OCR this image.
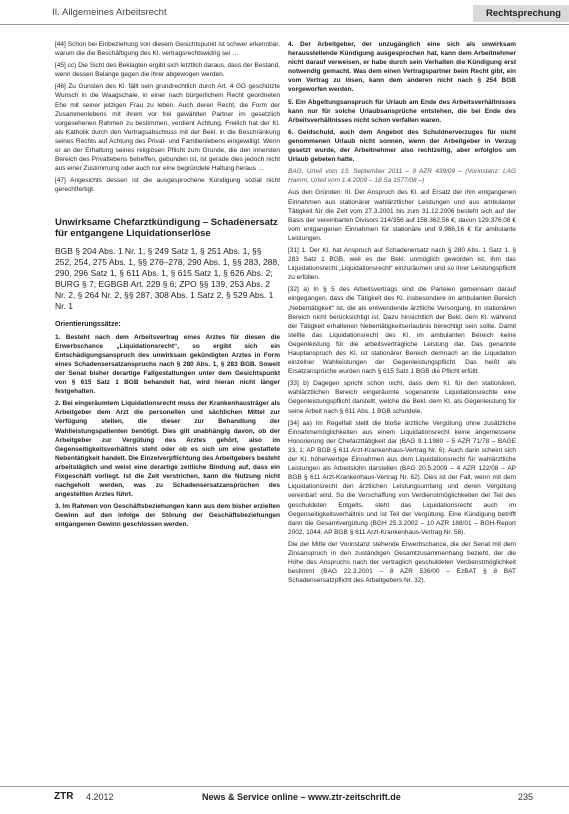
II. Allgemeines Arbeitsrecht	Rechtsprechung

[44] Schon bei Einbeziehung von diesem Gesichtspunkt ist schwer erkennbar, warum die die Beschäftigung des Kl. vertragsrechtswidrig sei …

[45] cc) Die Sicht des Beklagten ergibt sich letztlich daraus, dass der Bestand, wenn dessen Belange gegen die ihrer abgewogen werden.

[46] Zu Gunsten des Kl. fällt sein grundrechtlich durch Art. 4 GG geschützte Wunsch in die Waagschale, in einer nach bürgerlichem Recht geordneten Ehe mit seiner jetzigen Frau zu leben. Auch deren Recht, die Form der Zusammenlebens mit ihrem vor frei gewählten Partner im gesetzlich vorgesehenen Rahmen zu bestimmen, verdient Achtung. Freilich hat der Kl. als Katholik durch den Vertragsabschluss mit der Bekl. in die Beschränkung seines Rechts auf Achtung des Privat- und Familienlebens eingewilligt. Wenn er an der Erhaltung seines religiösen Pflicht zum Grunde, die den innersten Bereich des Privatlebens betreffen, gebunden ist, ist gerade dies jedoch nicht aus einer Zustimmung oder auch nur eine begründete Haltung heraus …

[47] Angesichts dessen ist die ausgesprochene Kündigung sozial nicht gerechtfertigt.

Unwirksame Chefarztkündigung – Schadenersatz für entgangene Liquidationserlöse
BGB § 204 Abs. 1 Nr. 1, § 249 Satz 1, § 251 Abs. 1, §§ 252, 254, 275 Abs. 1, §§ 276–278, 290 Abs. 1, §§ 283, 288, 290, 296 Satz 1, § 611 Abs. 1, § 615 Satz 1, § 626 Abs. 2; BURG § 7; EGBGB Art. 229 § 6; ZPO §§ 139, 253 Abs. 2 Nr. 2, § 264 Nr. 2, §§ 287, 308 Abs. 1 Satz 2, § 529 Abs. 1 Nr. 1
Orientierungssätze:

1. Besteht nach dem Arbeitsvertrag eines Arztes für diesen die Erwerbschance „Liquidationsrecht“, so ergibt sich ein Entschädigungsanspruch des unwirksam gekündigten Arztes in Form eines Schadensersatzanspruchs nach § 280 Abs. 1, § 283 BGB. Soweit der Senat bisher derartige Fallgestaltungen unter dem Gesichtspunkt von § 615 Satz 1 BGB behandelt hat, wird hieran nicht länger festgehalten.

2. Bei eingeräumtem Liquidationsrecht muss der Krankenhausträger als Arbeitgeber dem Arzt die personellen und sächlichen Mittel zur Verfügung stellen, die dieser zur Behandlung der Wahlleistungspatienten benötigt. Dies gilt unabhängig davon, ob der Arbeitgeber zur Vergütung des Arztes gehört, also im Gegenseitigkeitsverhältnis steht oder ob es sich um eine gestattete Nebentätigkeit handelt. Die Einzelverpflichtung des Arbeitgebers besteht arbeitstäglich und weist eine derartige zeitliche Bindung auf, dass ein Fixgeschäft vorliegt. Ist die Zeit verstrichen, kann die Nutzung nicht nachgeholt werden, was zu Schadensersatzansprüchen des angestellten Arztes führt.

3. Im Rahmen von Geschäftsbeziehungen kann aus dem bisher erzielten Gewinn auf den infolge der Störung der Geschäftsbeziehungen entgangenen Gewinn geschlossen werden.

4. Der Arbeitgeber, der unzugänglich eine sich als unwirksam herausstellende Kündigung ausgesprochen hat, kann dem Arbeitnehmer nicht darauf verweisen, er habe durch sein Verhalten die Kündigung erst notwendig gemacht. Was dem einen Vertragspartner beim Recht gibt, ein vom Vertrag zu lösen, kann dem anderen nicht nach § 254 BGB vorgeworfen werden.

5. Ein Abgeltungsanspruch für Urlaub am Ende des Arbeitsverhältnisses kann nur für solche Urlaubsansprüche entstehen, die bei Ende des Arbeitsverhältnisses nicht schon verfallen waren.

6. Geldschuld, auch dem Angebot des Schuldnerverzuges für nicht genommenen Urlaub nicht sonnen, wenn der Arbeitgeber in Verzug gesetzt wurde, der Arbeitnehmer also rechtzeitig, aber erfolglos um Urlaub gebeten hatte.

BAG, Urteil vom 13. September 2011 – 9 AZR 439/09 – (Vorinstanz: LAG Hamm, Urteil vom 1.4.2009 – 18 Sa 1577/08 –)

Aus den Gründen: III. Der Anspruch des Kl. auf Ersatz der ihm entgangenen Einnahmen aus stationärer wahlärztlicher Leistungen und aus ambulanter Tätigkeit für die Zeit vom 27.3.2001 bis zum 31.12.2006 besteht sich auf der Basis der vereinbarten Divisors 214/356 auf 158.362,56 €, davon 129.376,08 € vom entgangenen Einnahmen für stationäre und 9.986,16 € für ambulante Leistungen.

[31] 1. Der Kl. hat Anspruch auf Schadenersatz nach § 280 Abs. 1 Satz 1, § 283 Satz 1 BGB, weil es der Bekl. unmöglich geworden ist, ihm das Liquidationsrecht „Liquidationsrecht“ einzuräumen und so ihrer Leistungspflicht zu erfüllen.

[32] a) In § 5 des Arbeitsvertrags sind die Parteien gemeinsam darauf eingegangen, dass die Tätigkeit des Kl. insbesondere im ambulanten Bereich „Nebentätigkeit“ ist, die als entwendende ärztliche Versorgung, im stationären Bereich nicht berücksichtigt ist. Dazu hinsichtlich der Bekl. dem Kl. während der Tätigkeit erhaltenen Nebentätigkeitserlaubnis berechtigt sein sollte. Damit stellte das Liquidationsrecht des Kl. im ambulanten Bereich keine Gegenleistung für die arbeitsvertragliche Leistung dar. Das genannte Hauptanspruch des Kl. ist stationärer Bereich demnach an die Liquidation einzelner Wahlleistungen der Gegenleistungspflicht. Das heißt als Ersatzansprüche wurden nach § 615 Satz 1 BGB die Pflicht erfüllt.

[33] b) Dagegen spricht schon nicht, dass dem Kl. für den stationären, wahlärztlichen Bereich eingeräumte sogenannte Liquidationsrechte eine Gegenleistungspflicht darstellt, welche die Bekl. dem Kl. als Gegenleistung für seine Arbeit nach § 611 Abs. 1 BGB schuldete.

[34] aa) Im Regelfall stellt die bloße ärztliche Vergütung ohne zusätzliche Einnahmemöglichkeiten aus einem Liquidationsrecht keine angemessene Honorierung der Chefarzttätigkeit dar (BAG 9.1.1980 – 5 AZR 71/78 – BAGE 33, 1; AP BGB § 611 Arzt-Krankenhaus-Vertrag Nr. 6). Auch darin scheint sich der Kl. höherwertige Einnahmen aus dem Liquidationsrecht für wahlärztliche Leistungen als Arbeitslohn darstellen (BAG 20.5.2009 – 4 AZR 122/08 – AP BGB § 611 Arzt-Krankenhaus-Vertrag Nr. 62). Dies ist der Fall, wenn mit dem Liquidationsrecht den ärztlichen Leistungsumfang und deren Vergütung vereinbart wird. So die Verschaffung von Verdienstmöglichkeiten der Teil des geschuldeten Entgelts, steht das Liquidationsrecht auch im Gegenseitigkeitsverhältnis und ist Teil der Vergütung. Eine Kündigung betrifft dann die Gesamtvergütung (BGH 25.3.2002 – 10 AZR 188/01 – BGH-Report 2002, 1044; AP BGB § 611 Arzt-Krankenhaus-Vertrag Nr. 58).

Die der Mitte der Vorinstanz stehende Erwerbschance, die der Senat mit dem Zinsanspruch in den zuständigen Gesamtzusammenhang bezieht, der die Höhe des Anspruchs nach der vertraglich geschuldeten Verdienstmöglichkeit bestimmt (BAG 22.3.2001 – 8 AZR 536/00 – EzBAT § 8 BAT Schadensersatzpflicht des Arbeitgebers Nr. 32).

ZTR 4.2012	News & Service online – www.ztr-zeitschrift.de	235
